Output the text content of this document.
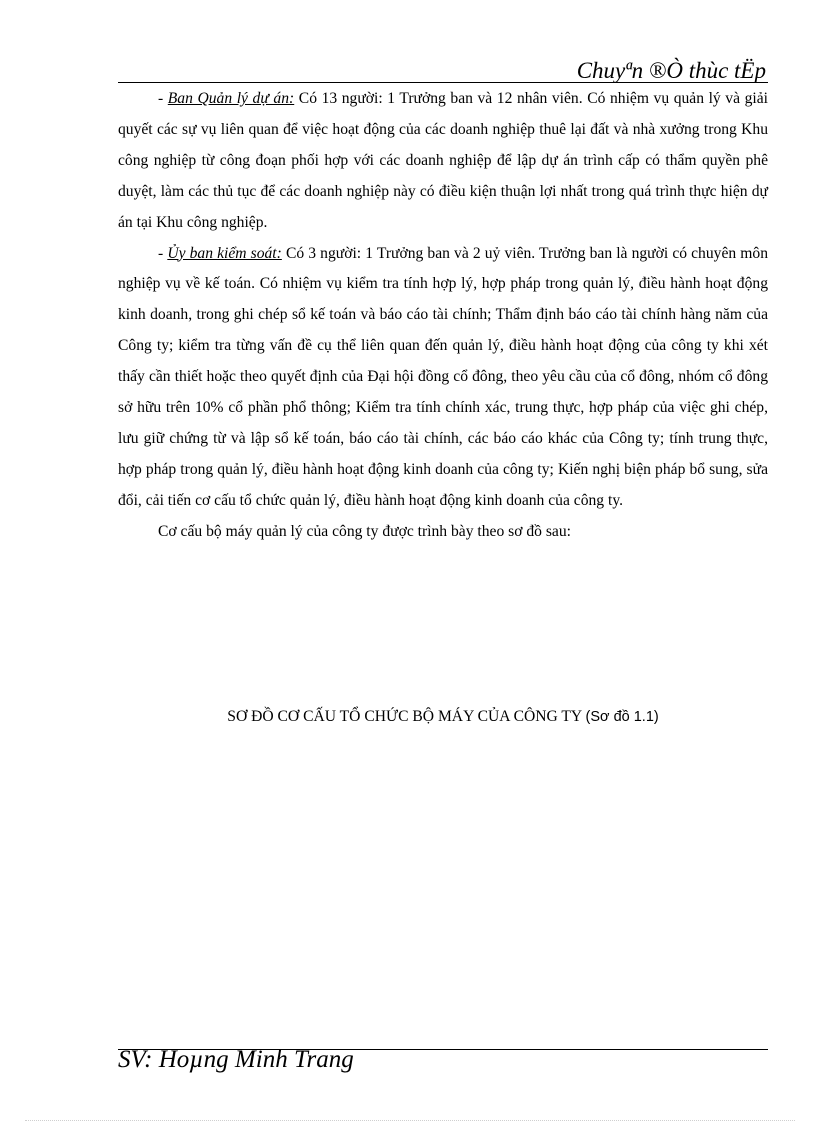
Chuyªn ®Ò thùc tËp

- Ban Quản lý dự án: Có 13 người: 1 Trưởng ban và 12 nhân viên. Có nhiệm vụ quản lý và giải quyết các sự vụ liên quan để việc hoạt động của các doanh nghiệp thuê lại đất và nhà xưởng trong Khu công nghiệp từ công đoạn phối hợp với các doanh nghiệp để lập dự án trình cấp có thẩm quyền phê duyệt, làm các thủ tục để các doanh nghiệp này có điều kiện thuận lợi nhất trong quá trình thực hiện dự án tại Khu công nghiệp.

- Ủy ban kiểm soát: Có 3 người: 1 Trưởng ban và 2 uỷ viên. Trưởng ban là người có chuyên môn nghiệp vụ về kế toán. Có nhiệm vụ kiểm tra tính hợp lý, hợp pháp trong quản lý, điều hành hoạt động kinh doanh, trong ghi chép sổ kế toán và báo cáo tài chính; Thẩm định báo cáo tài chính hàng năm của Công ty; kiểm tra từng vấn đề cụ thể liên quan đến quản lý, điều hành hoạt động của công ty khi xét thấy cần thiết hoặc theo quyết định của Đại hội đồng cổ đông, theo yêu cầu của cổ đông, nhóm cổ đông sở hữu trên 10% cổ phần phổ thông; Kiểm tra tính chính xác, trung thực, hợp pháp của việc ghi chép, lưu giữ chứng từ và lập sổ kế toán, báo cáo tài chính, các báo cáo khác của Công ty; tính trung thực, hợp pháp trong quản lý, điều hành hoạt động kinh doanh của công ty; Kiến nghị biện pháp bổ sung, sửa đổi, cải tiến cơ cấu tổ chức quản lý, điều hành hoạt động kinh doanh của công ty.

Cơ cấu bộ máy quản lý của công ty được trình bày theo sơ đồ sau:

SƠ ĐỒ CƠ CẤU TỔ CHỨC BỘ MÁY CỦA CÔNG TY (Sơ đồ 1.1)
SV: Hoµng Minh Trang
